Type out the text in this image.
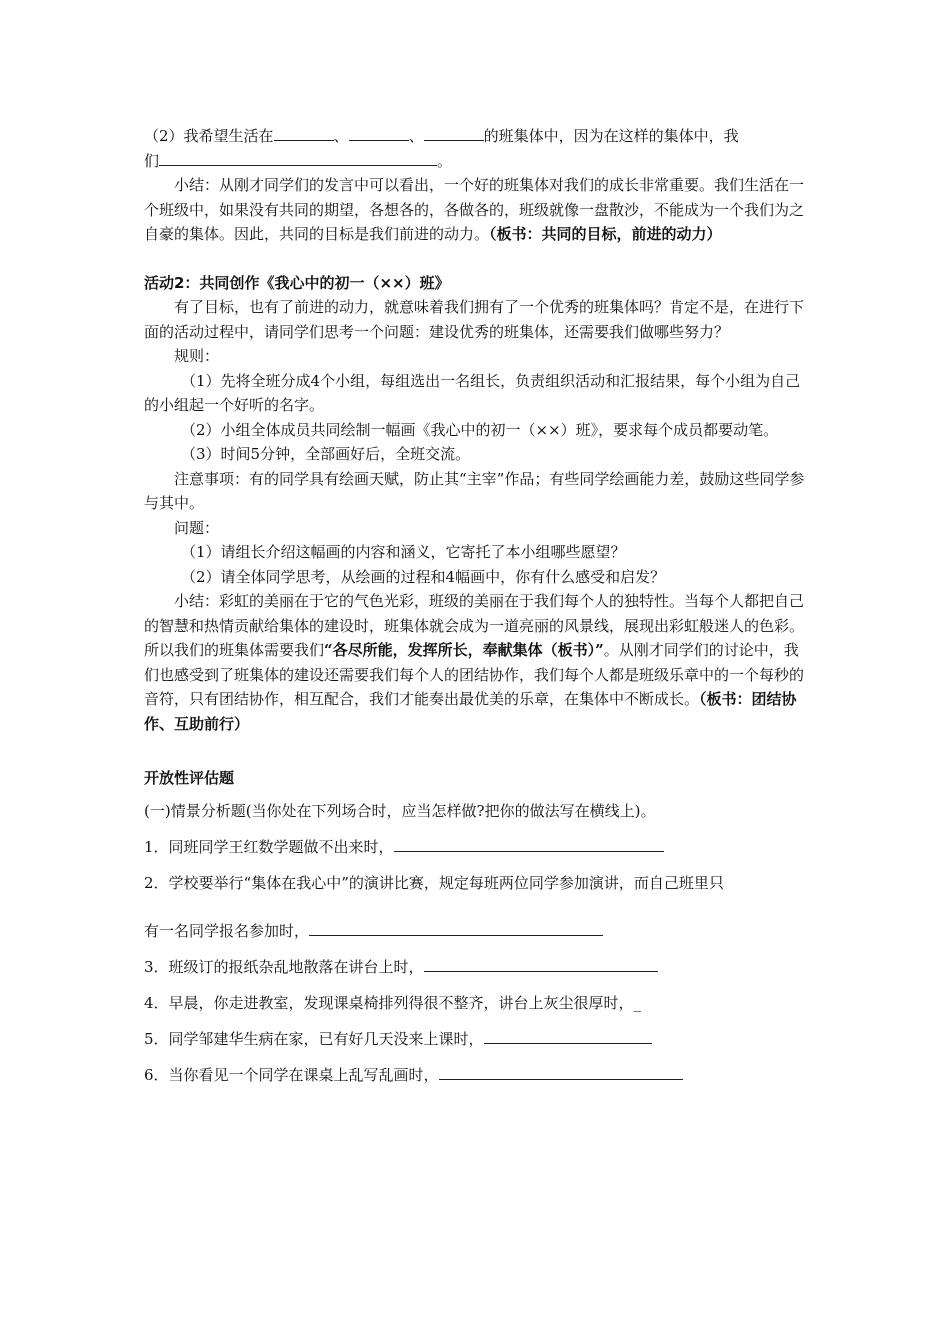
（2）我希望生活在	、	、	的班集体中，因为在这样的集体中，我

们	。

小结：从刚才同学们的发言中可以看出，一个好的班集体对我们的成长非常重要。我们生活在一个班级中，如果没有共同的期望，各想各的，各做各的，班级就像一盘散沙，不能成为一个我们为之自豪的集体。因此，共同的目标是我们前进的动力。（板书：共同的目标，前进的动力）

活动2：共同创作《我心中的初一（××）班》

有了目标，也有了前进的动力，就意味着我们拥有了一个优秀的班集体吗？肯定不是，在进行下面的活动过程中，请同学们思考一个问题：建设优秀的班集体，还需要我们做哪些努力？

规则：

（1）先将全班分成4个小组，每组选出一名组长，负责组织活动和汇报结果，每个小组为自己的小组起一个好听的名字。

（2）小组全体成员共同绘制一幅画《我心中的初一（××）班》，要求每个成员都要动笔。

（3）时间5分钟，全部画好后，全班交流。

注意事项：有的同学具有绘画天赋，防止其“主宰”作品；有些同学绘画能力差，鼓励这些同学参与其中。

问题：

（1）请组长介绍这幅画的内容和涵义，它寄托了本小组哪些愿望？

（2）请全体同学思考，从绘画的过程和4幅画中，你有什么感受和启发？

小结：彩虹的美丽在于它的气色光彩，班级的美丽在于我们每个人的独特性。当每个人都把自己的智慧和热情贡献给集体的建设时，班集体就会成为一道亮丽的风景线，展现出彩虹般迷人的色彩。所以我们的班集体需要我们“各尽所能，发挥所长，奉献集体（板书）”。从刚才同学们的讨论中，我们也感受到了班集体的建设还需要我们每个人的团结协作，我们每个人都是班级乐章中的一个每秒的音符，只有团结协作，相互配合，我们才能奏出最优美的乐章，在集体中不断成长。（板书：团结协作、互助前行）

开放性评估题

(一)情景分析题(当你处在下列场合时，应当怎样做?把你的做法写在横线上)。

1．同班同学王红数学题做不出来时，

2．学校要举行“集体在我心中”的演讲比赛，规定每班两位同学参加演讲，而自己班里只

有一名同学报名参加时，

3．班级订的报纸杂乱地散落在讲台上时，

4．早晨，你走进教室，发现课桌椅排列得很不整齐，讲台上灰尘很厚时，_

5．同学邹建华生病在家，已有好几天没来上课时，

6．当你看见一个同学在课桌上乱写乱画时，
